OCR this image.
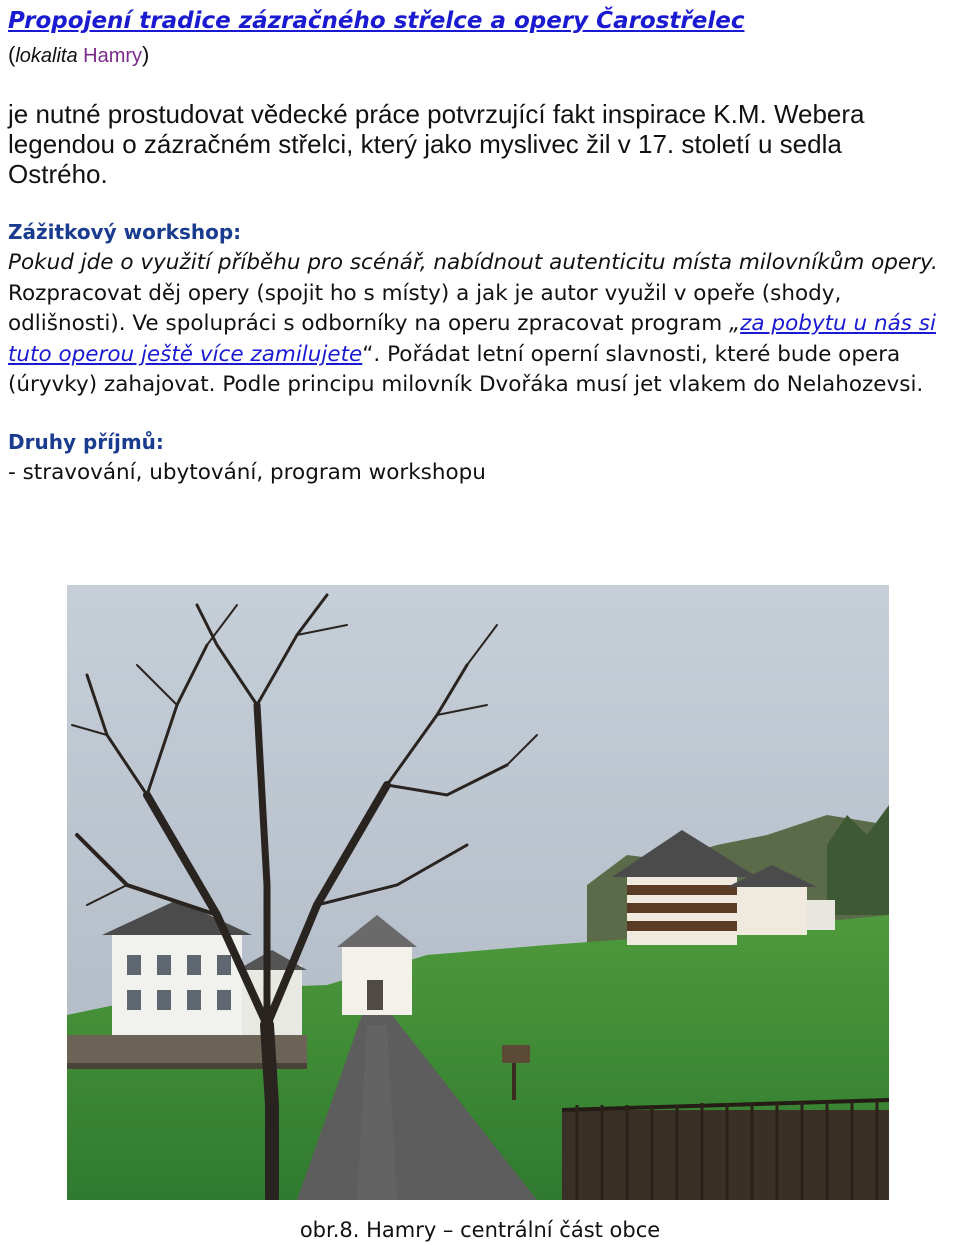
Propojení tradice zázračného střelce a opery Čarostřelec

(lokalita Hamry)

je nutné prostudovat vědecké práce potvrzující fakt inspirace K.M. Webera legendou o zázračném střelci, který jako myslivec žil v 17. století u sedla Ostrého.

Zážitkový workshop:

Pokud jde o využití příběhu pro scénář, nabídnout autenticitu místa milovníkům opery. Rozpracovat děj opery (spojit ho s místy) a jak je autor využil v opeře (shody, odlišnosti). Ve spolupráci s odborníky na operu zpracovat program „za pobytu u nás si tuto operou ještě více zamilujete“. Pořádat letní operní slavnosti, které bude opera (úryvky) zahajovat. Podle principu milovník Dvořáka musí jet vlakem do Nelahozevsi.

Druhy příjmů:

- stravování, ubytování, program workshopu

obr.8. Hamry – centrální část obce
